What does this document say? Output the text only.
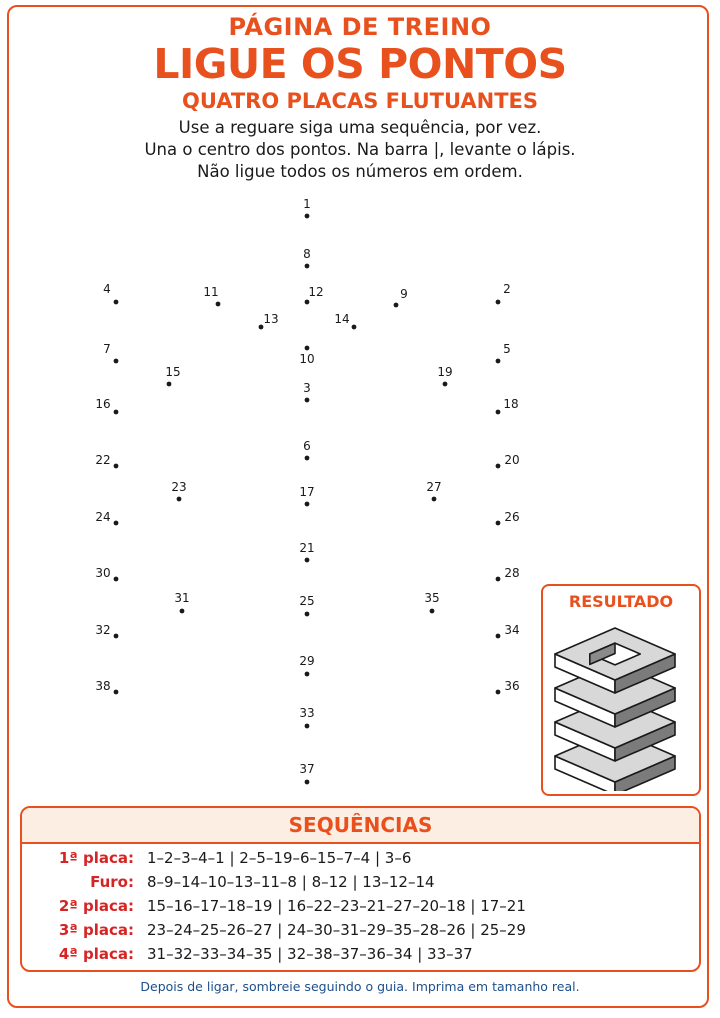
PÁGINA DE TREINO
LIGUE OS PONTOS
QUATRO PLACAS FLUTUANTES
Use a reguare siga uma sequência, por vez.
Una o centro dos pontos. Na barra |, levante o lápis.
Não ligue todos os números em ordem.
1
2
3
4
5
6
7
8
9
10
11	12
13	14
15
16
17
18
19
20
21
22
23
24
25
26
27
28
29
30
31
32
33
34
35
36
37
38
RESULTADO
SEQUÊNCIAS
1ª placa: 1–2–3–4–1 | 2–5–19–6–15–7–4 | 3–6
Furo: 8–9–14–10–13–11–8 | 8–12 | 13–12–14
2ª placa: 15–16–17–18–19 | 16–22–23–21–27–20–18 | 17–21
3ª placa: 23–24–25–26–27 | 24–30–31–29–35–28–26 | 25–29
4ª placa: 31–32–33–34–35 | 32–38–37–36–34 | 33–37
Depois de ligar, sombreie seguindo o guia. Imprima em tamanho real.
